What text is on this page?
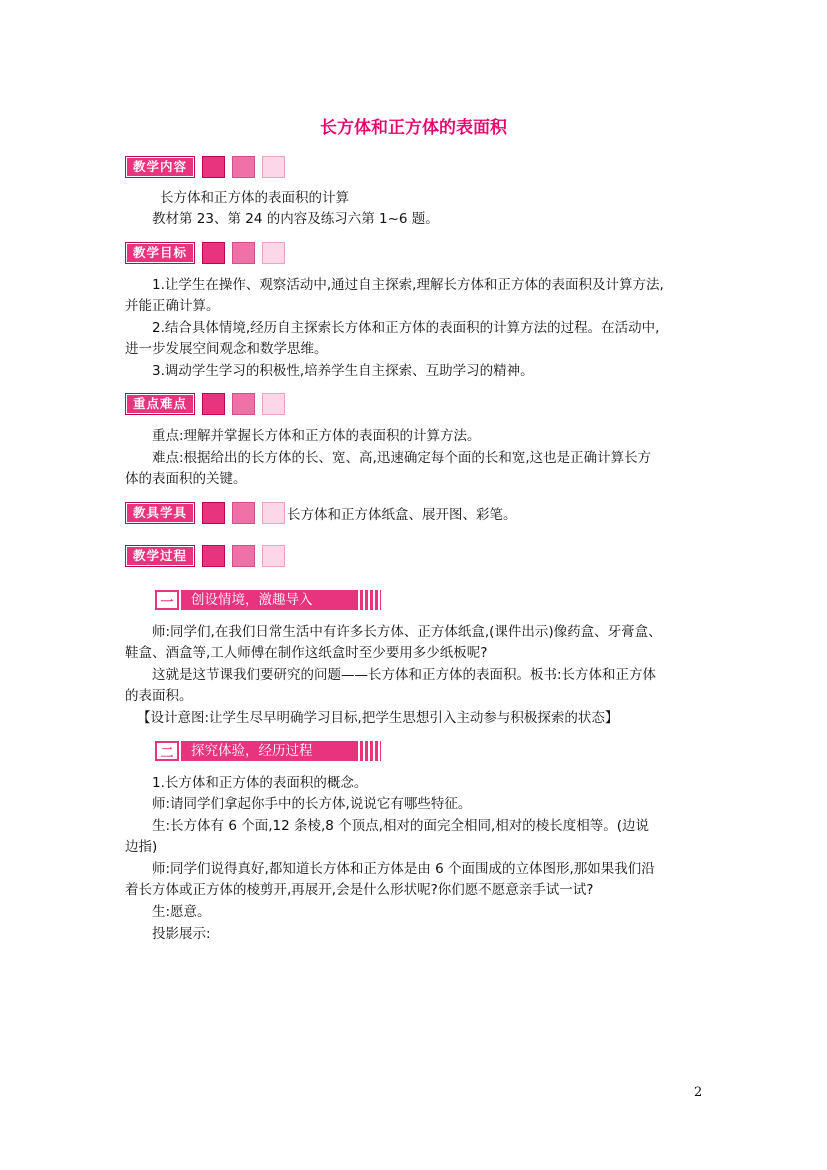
长方体和正方体的表面积
教学内容
长方体和正方体的表面积的计算
教材第 23、第 24 的内容及练习六第 1~6 题。
教学目标
1.让学生在操作、观察活动中,通过自主探索,理解长方体和正方体的表面积及计算方法,
并能正确计算。
2.结合具体情境,经历自主探索长方体和正方体的表面积的计算方法的过程。在活动中,
进一步发展空间观念和数学思维。
3.调动学生学习的积极性,培养学生自主探索、互助学习的精神。
重点难点
重点:理解并掌握长方体和正方体的表面积的计算方法。
难点:根据给出的长方体的长、宽、高,迅速确定每个面的长和宽,这也是正确计算长方
体的表面积的关键。
教具学具	长方体和正方体纸盒、展开图、彩笔。
教学过程
一	创设情境，激趣导入
师:同学们,在我们日常生活中有许多长方体、正方体纸盒,(课件出示)像药盒、牙膏盒、
鞋盒、酒盒等,工人师傅在制作这纸盒时至少要用多少纸板呢?
这就是这节课我们要研究的问题——长方体和正方体的表面积。板书:长方体和正方体
的表面积。
【设计意图:让学生尽早明确学习目标,把学生思想引入主动参与积极探索的状态】
二	探究体验，经历过程
1.长方体和正方体的表面积的概念。
师:请同学们拿起你手中的长方体,说说它有哪些特征。
生:长方体有 6 个面,12 条棱,8 个顶点,相对的面完全相同,相对的棱长度相等。(边说
边指)
师:同学们说得真好,都知道长方体和正方体是由 6 个面围成的立体图形,那如果我们沿
着长方体或正方体的棱剪开,再展开,会是什么形状呢?你们愿不愿意亲手试一试?
生:愿意。
投影展示:
2
